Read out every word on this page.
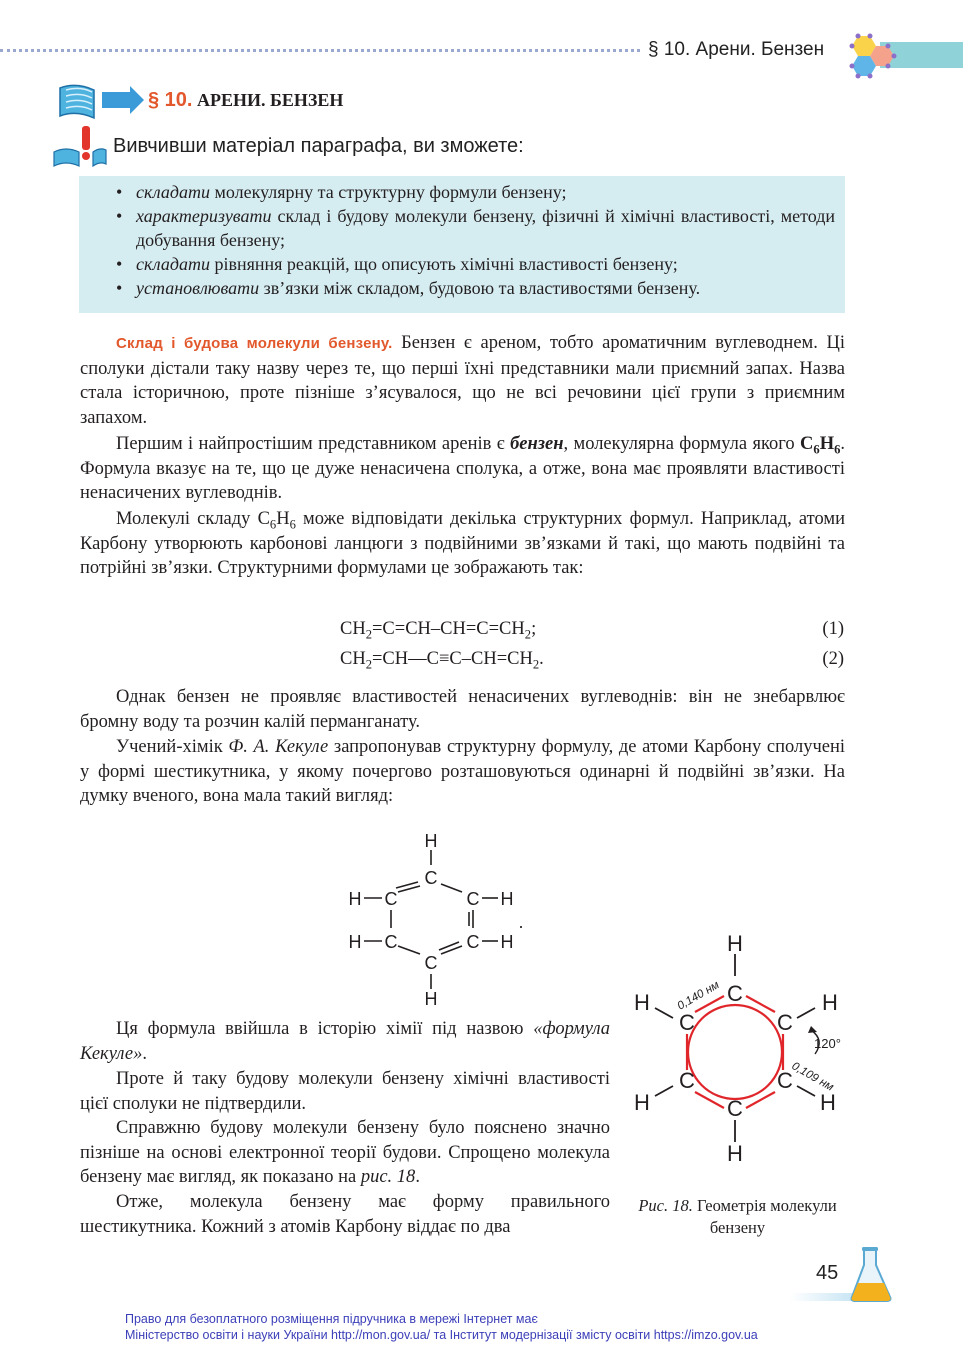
§ 10. Арени. Бензен
§ 10. АРЕНИ. БЕНЗЕН
Вивчивши матеріал параграфа, ви зможете:
• складати молекулярну та структурну формули бензену;
• характеризувати склад і будову молекули бензену, фізичні й хімічні властивості, методи добування бензену;
• складати рівняння реакцій, що описують хімічні властивості бензену;
• установлювати зв’язки між складом, будовою та властивостями бензену.

Склад і будова молекули бензену. Бензен є ареном, тобто ароматичним вуглеводнем. Ці сполуки дістали таку назву через те, що перші їхні представники мали приємний запах. Назва стала історичною, проте пізніше з’ясувалося, що не всі речовини цієї групи з приємним запахом.

Першим і найпростішим представником аренів є бензен, молекулярна формула якого $C_6H_6$. Формула вказує на те, що це дуже ненасичена сполука, а отже, вона має проявляти властивості ненасичених вуглеводнів.

Молекулі складу $C_6H_6$ може відповідати декілька структурних формул. Наприклад, атоми Карбону утворюють карбонові ланцюги з подвійними зв’язками й такі, що мають подвійні та потрійні зв’язки. Структурними формулами це зображають так:

$CH_2=C=CH-CH=C=CH_2$;	(1)
$CH_2=CH—C\equiv C-CH=CH_2$.	(2)

Однак бензен не проявляє властивостей ненасичених вуглеводнів: він не знебарвлює бромну воду та розчин калій перманганату.

Учений-хімік Ф. А. Кекуле запропонував структурну формулу, де атоми Карбону сполучені у формі шестикутника, у якому почергово розташовуються одинарні й подвійні зв’язки. На думку вченого, вона мала такий вигляд:

H
C
C	C
C	C
C
H
H
H
H
H
.

Ця формула ввійшла в історію хімії під назвою «формула Кекуле».

Проте й таку будову молекули бензену хімічні властивості цієї сполуки не підтвердили.

Справжню будову молекули бензену було пояснено значно пізніше на основі електронної теорії будови. Спрощено молекула бензену має вигляд, як показано на рис. 18.

Отже, молекула бензену має форму правильного шестикутника. Кожний з атомів Карбону віддає по два

H
C
C	C
C	C
C
H
H	H
H	H
0,140 нм
0,109 нм
120°
Рис. 18. Геометрія молекули бензену
45
Право для безоплатного розміщення підручника в мережі Інтернет має
Міністерство освіти і науки України http://mon.gov.ua/ та Інститут модернізації змісту освіти https://imzo.gov.ua
